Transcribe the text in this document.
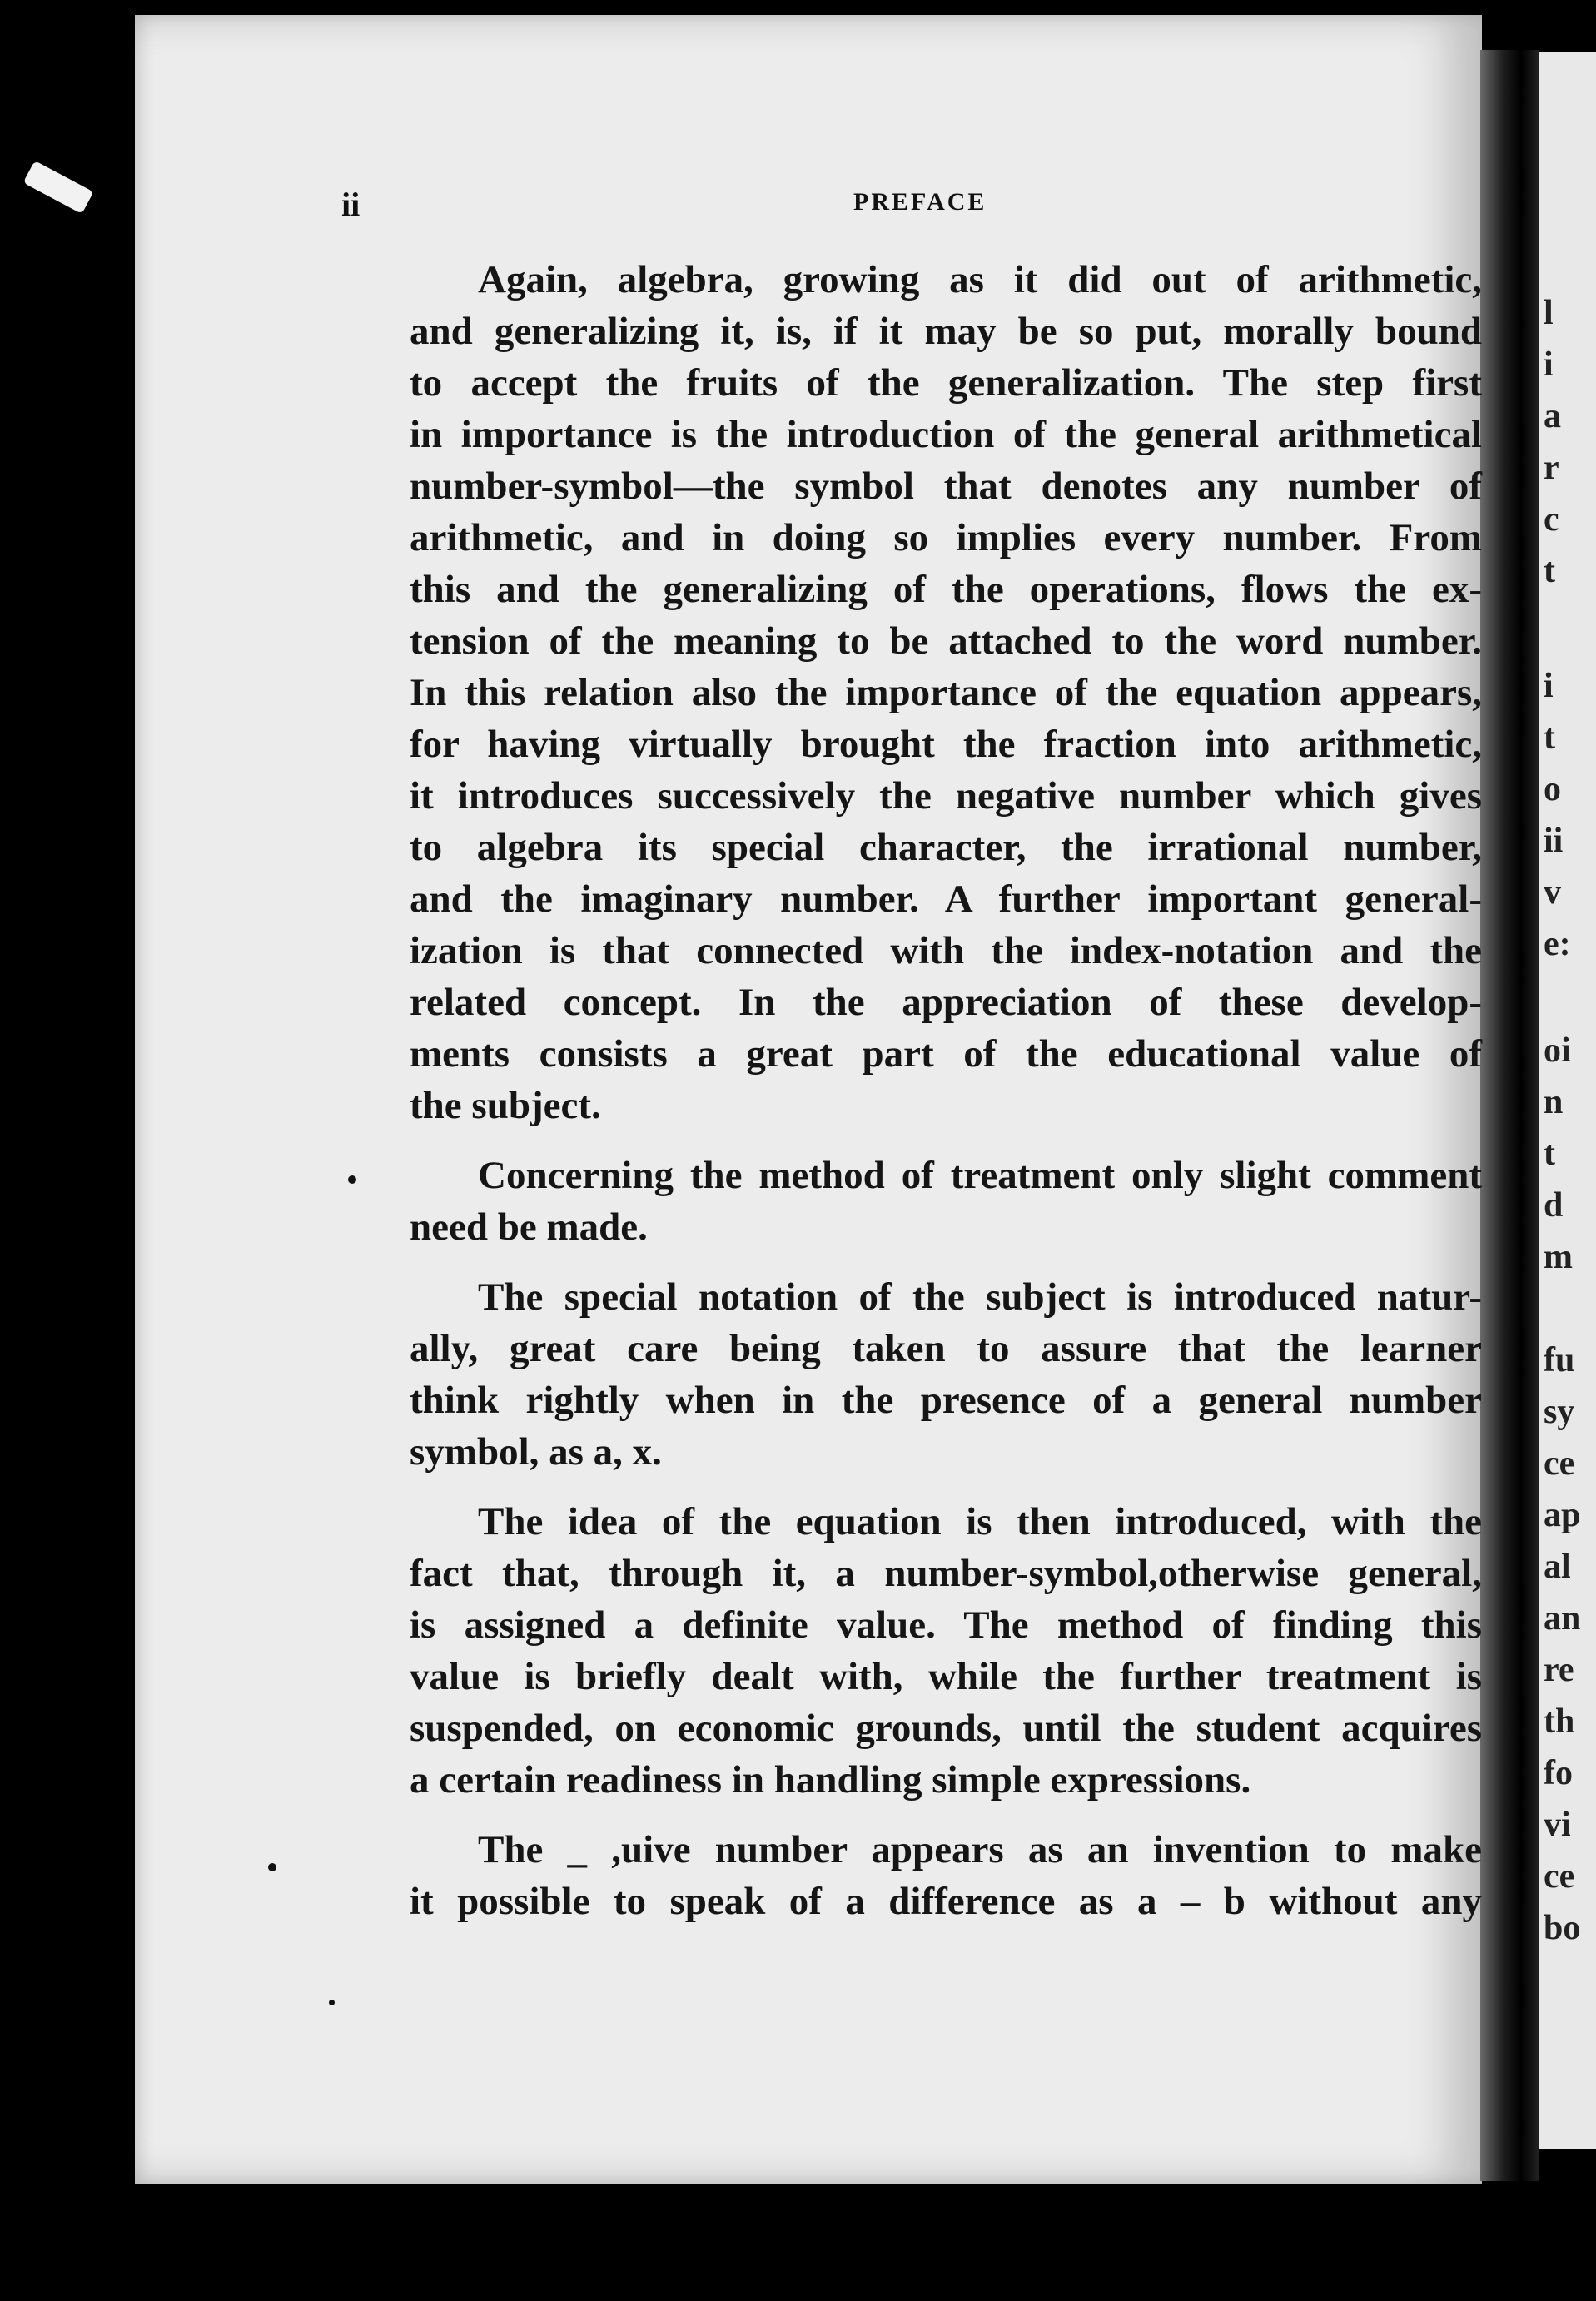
l
i
a
r
c
t
i
t
o
ii
v
e:
oi
n
t
d
m
fu
sy
ce
ap
al
an
re
th
fo
vi
ce
bo
ii	PREFACE
Again, algebra, growing as it did out of arithmetic,
and generalizing it, is, if it may be so put, morally bound
to accept the fruits of the generalization. The step first
in importance is the introduction of the general arithmetical
number-symbol—the symbol that denotes any number of
arithmetic, and in doing so implies every number. From
this and the generalizing of the operations, flows the ex-
tension of the meaning to be attached to the word number.
In this relation also the importance of the equation appears,
for having virtually brought the fraction into arithmetic,
it introduces successively the negative number which gives
to algebra its special character, the irrational number,
and the imaginary number. A further important general-
ization is that connected with the index-notation and the
related concept. In the appreciation of these develop-
ments consists a great part of the educational value of
the subject.
Concerning the method of treatment only slight comment
need be made.
The special notation of the subject is introduced natur-
ally, great care being taken to assure that the learner
think rightly when in the presence of a general number
symbol, as a, x.
The idea of the equation is then introduced, with the
fact that, through it, a number-symbol,otherwise general,
is assigned a definite value. The method of finding this
value is briefly dealt with, while the further treatment is
suspended, on economic grounds, until the student acquires
a certain readiness in handling simple expressions.
The _ ,uive number appears as an invention to make
it possible to speak of a difference as a – b without any
